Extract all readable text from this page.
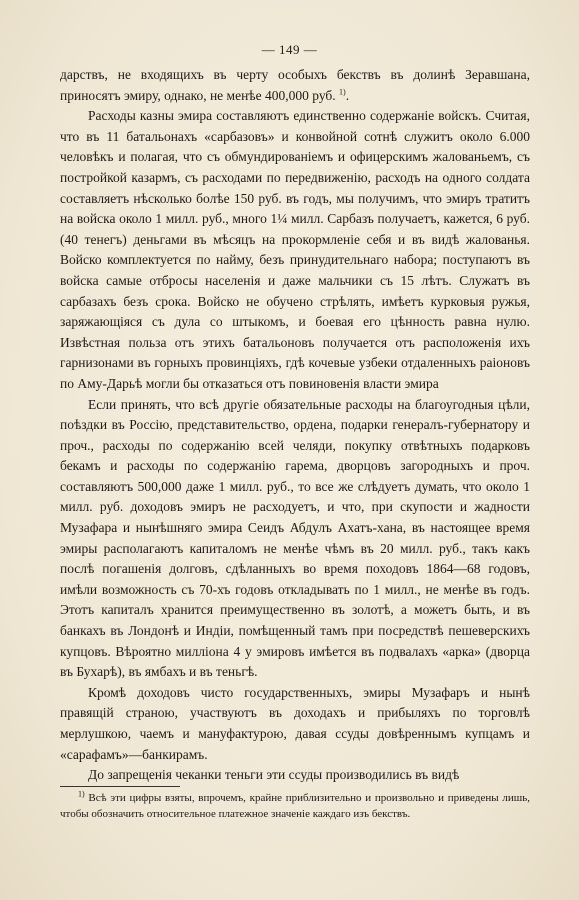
— 149 —

дарствъ, не входящихъ въ черту особыхъ бекствъ въ долинѣ Зеравшана, приносятъ эмиру, однако, не менѣе 400,000 руб. $^{1)}$.

Расходы казны эмира составляютъ единственно содержаніе войскъ. Считая, что въ 11 батальонахъ «сарбазовъ» и конвойной сотнѣ служитъ около 6.000 человѣкъ и полагая, что съ обмундированіемъ и офицерскимъ жалованьемъ, съ постройкой казармъ, съ расходами по передвиженію, расходъ на одного солдата составляетъ нѣсколько болѣе 150 руб. въ годъ, мы получимъ, что эмиръ тратитъ на войска около 1 милл. руб., много 1¼ милл. Сарбазъ получаетъ, кажется, 6 руб. (40 тенегъ) деньгами въ мѣсяцъ на прокормленіе себя и въ видѣ жалованья. Войско комплектуется по найму, безъ принудительнаго набора; поступаютъ въ войска самые отбросы населенія и даже мальчики съ 15 лѣтъ. Служатъ въ сарбазахъ безъ срока. Войско не обучено стрѣлять, имѣетъ курковыя ружья, заряжающіяся съ дула со штыкомъ, и боевая его цѣнность равна нулю. Извѣстная польза отъ этихъ батальоновъ получается отъ расположенія ихъ гарнизонами въ горныхъ провинціяхъ, гдѣ кочевые узбеки отдаленныхъ раіоновъ по Аму-Дарьѣ могли бы отказаться отъ повиновенія власти эмира

Если принять, что всѣ другіе обязательные расходы на благоугодныя цѣли, поѣздки въ Россію, представительство, ордена, подарки генералъ-губернатору и проч., расходы по содержанію всей челяди, покупку отвѣтныхъ подарковъ бекамъ и расходы по содержанію гарема, дворцовъ загородныхъ и проч. составляютъ 500,000 даже 1 милл. руб., то все же слѣдуетъ думать, что около 1 милл. руб. доходовъ эмиръ не расходуетъ, и что, при скупости и жадности Музафара и нынѣшняго эмира Сеидъ Абдулъ Ахатъ-хана, въ настоящее время эмиры располагаютъ капиталомъ не менѣе чѣмъ въ 20 милл. руб., такъ какъ послѣ погашенія долговъ, сдѣланныхъ во время походовъ 1864—68 годовъ, имѣли возможность съ 70-хъ годовъ откладывать по 1 милл., не менѣе въ годъ. Этотъ капиталъ хранится преимущественно въ золотѣ, а можетъ быть, и въ банкахъ въ Лондонѣ и Индіи, помѣщенный тамъ при посредствѣ пешеверскихъ купцовъ. Вѣроятно милліона 4 у эмировъ имѣется въ подвалахъ «арка» (дворца въ Бухарѣ), въ ямбахъ и въ теньгѣ.

Кромѣ доходовъ чисто государственныхъ, эмиры Музафаръ и нынѣ правящій страною, участвуютъ въ доходахъ и прибыляхъ по торговлѣ мерлушкою, чаемъ и мануфактурою, давая ссуды довѣреннымъ купцамъ и «сарафамъ»—банкирамъ.

До запрещенія чеканки теньги эти ссуды производились въ видѣ

$^{1)}$ Всѣ эти цифры взяты, впрочемъ, крайне приблизительно и произвольно и приведены лишь, чтобы обозначить относительное платежное значеніе каждаго изъ бекствъ.
